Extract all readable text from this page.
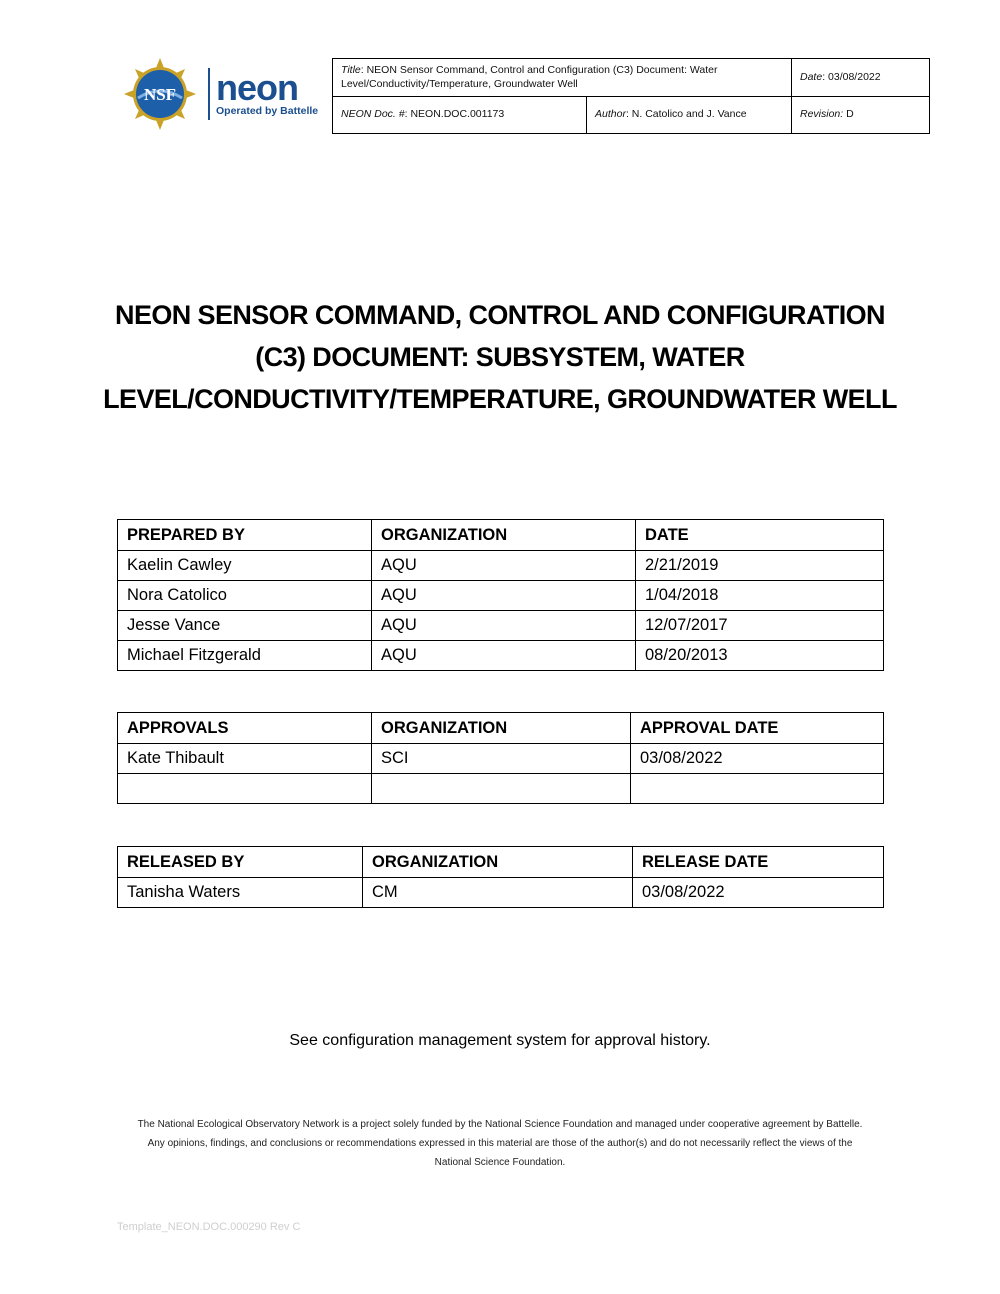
NSF neon
Operated by Battelle
Title: NEON Sensor Command, Control and Configuration (C3) Document: Water Level/Conductivity/Temperature, Groundwater Well		Date: 03/08/2022
NEON Doc. #: NEON.DOC.001173	Author: N. Catolico and J. Vance	Revision: D
NEON SENSOR COMMAND, CONTROL AND CONFIGURATION
(C3) DOCUMENT: SUBSYSTEM, WATER
LEVEL/CONDUCTIVITY/TEMPERATURE, GROUNDWATER WELL
PREPARED BY	ORGANIZATION	DATE
Kaelin Cawley	AQU	2/21/2019
Nora Catolico	AQU	1/04/2018
Jesse Vance	AQU	12/07/2017
Michael Fitzgerald	AQU	08/20/2013
APPROVALS	ORGANIZATION	APPROVAL DATE
Kate Thibault	SCI	03/08/2022

RELEASED BY	ORGANIZATION	RELEASE DATE
Tanisha Waters	CM	03/08/2022
See configuration management system for approval history.
The National Ecological Observatory Network is a project solely funded by the National Science Foundation and managed under cooperative agreement by Battelle.
Any opinions, findings, and conclusions or recommendations expressed in this material are those of the author(s) and do not necessarily reflect the views of the
National Science Foundation.
Template_NEON.DOC.000290 Rev C
